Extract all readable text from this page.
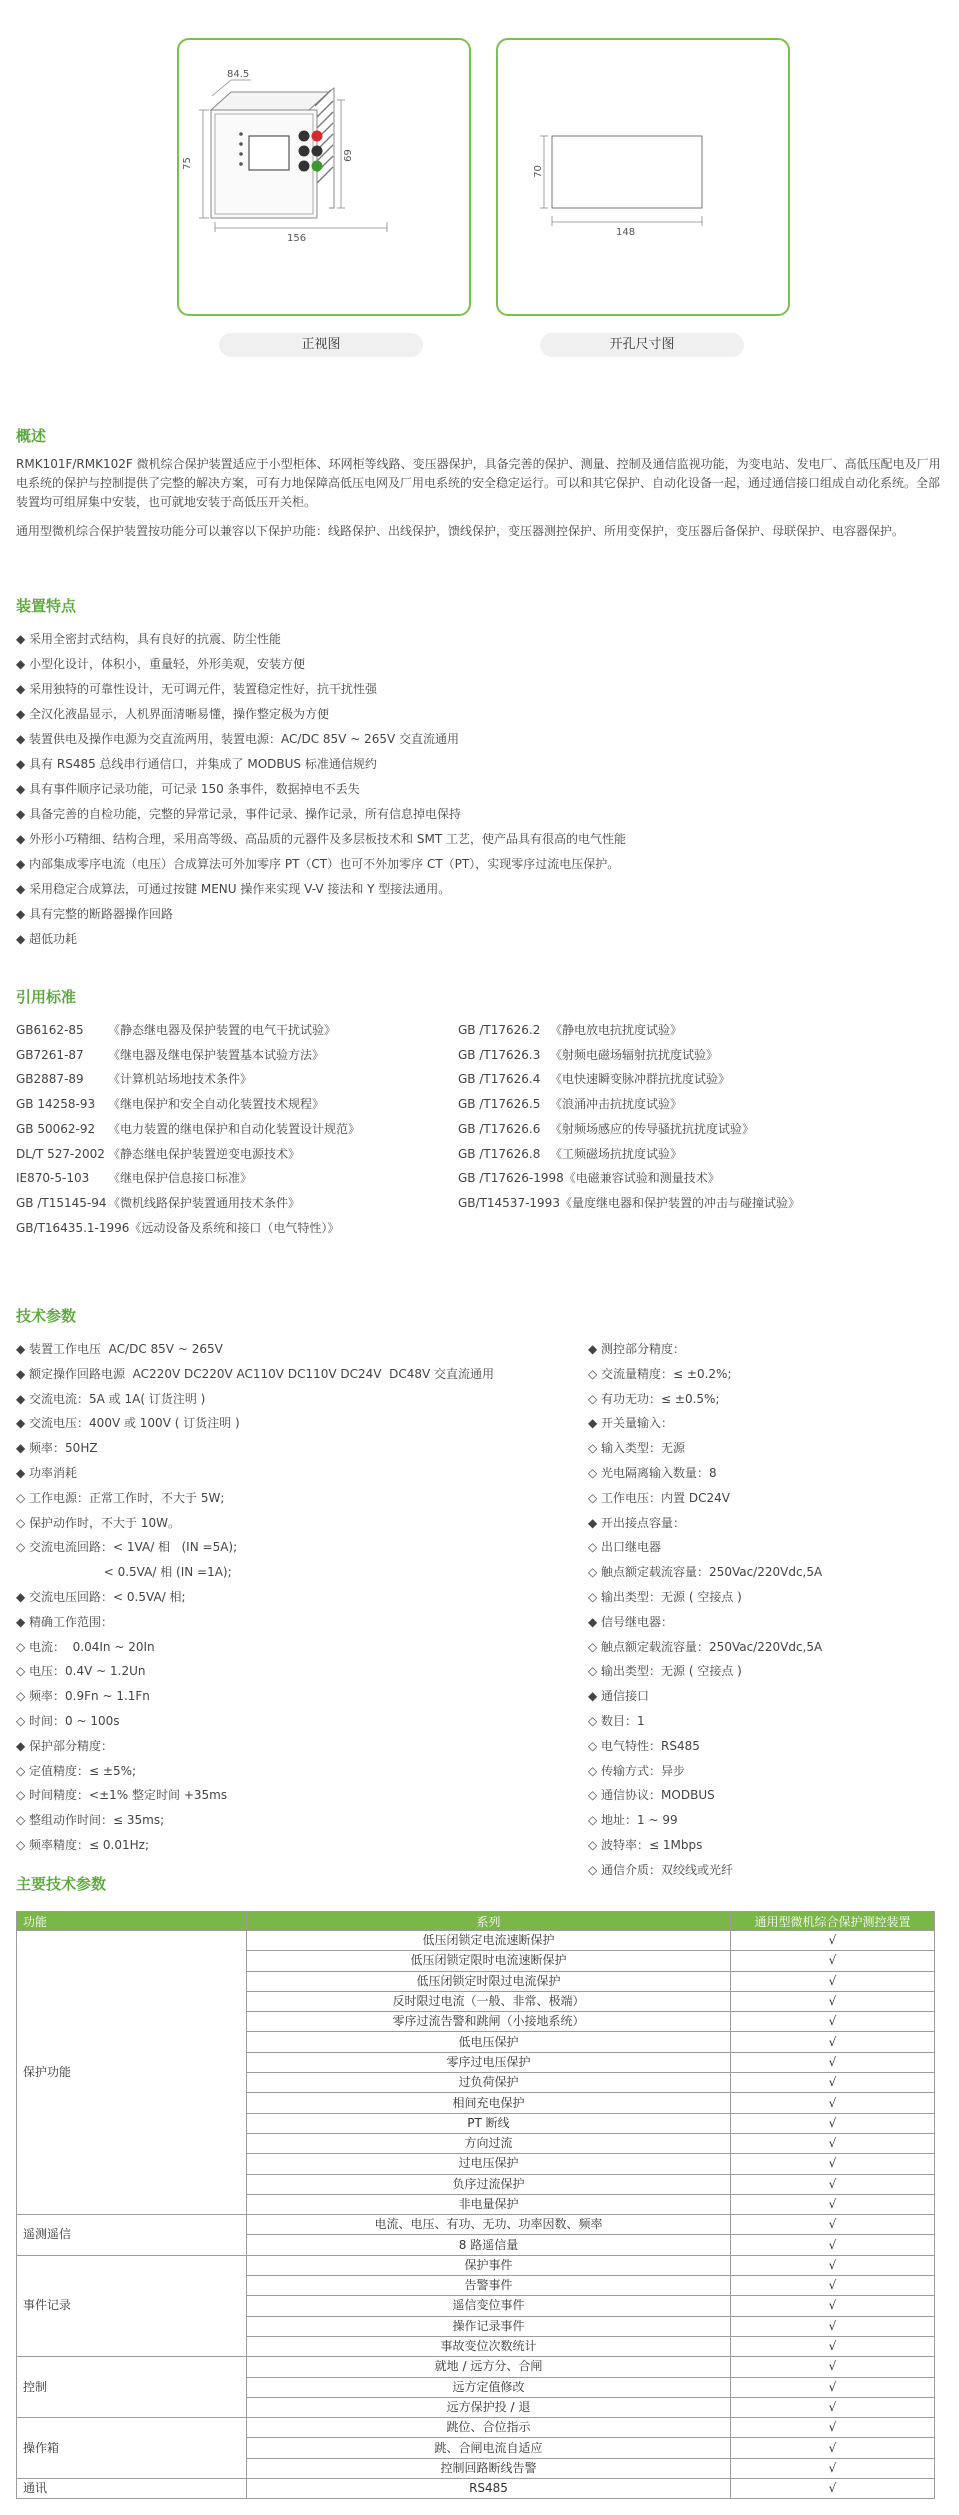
84.5
75
69
156
正视图
70
148
开孔尺寸图
概述
RMK101F/RMK102F 微机综合保护装置适应于小型柜体、环网柜等线路、变压器保护，具备完善的保护、测量、控制及通信监视功能，为变电站、发电厂、高低压配电及厂用电系统的保护与控制提供了完整的解决方案，可有力地保障高低压电网及厂用电系统的安全稳定运行。可以和其它保护、自动化设备一起，通过通信接口组成自动化系统。全部装置均可组屏集中安装，也可就地安装于高低压开关柜。
通用型微机综合保护装置按功能分可以兼容以下保护功能：线路保护、出线保护，馈线保护，变压器测控保护、所用变保护，变压器后备保护、母联保护、电容器保护。
装置特点
◆ 采用全密封式结构，具有良好的抗震、防尘性能
◆ 小型化设计，体积小，重量轻，外形美观，安装方便
◆ 采用独特的可靠性设计，无可调元件，装置稳定性好，抗干扰性强
◆ 全汉化液晶显示，人机界面清晰易懂，操作整定极为方便
◆ 装置供电及操作电源为交直流两用，装置电源：AC/DC 85V ~ 265V 交直流通用
◆ 具有 RS485 总线串行通信口，并集成了 MODBUS 标准通信规约
◆ 具有事件顺序记录功能，可记录 150 条事件，数据掉电不丢失
◆ 具备完善的自检功能，完整的异常记录，事件记录、操作记录，所有信息掉电保持
◆ 外形小巧精细、结构合理，采用高等级、高品质的元器件及多层板技术和 SMT 工艺，使产品具有很高的电气性能
◆ 内部集成零序电流（电压）合成算法可外加零序 PT（CT）也可不外加零序 CT（PT），实现零序过流电压保护。
◆ 采用稳定合成算法，可通过按键 MENU 操作来实现 V-V 接法和 Y 型接法通用。
◆ 具有完整的断路器操作回路
◆ 超低功耗
引用标准
GB6162-85 《静态继电器及保护装置的电气干扰试验》
GB7261-87 《继电器及继电保护装置基本试验方法》
GB2887-89 《计算机站场地技术条件》
GB 14258-93 《继电保护和安全自动化装置技术规程》
GB 50062-92 《电力装置的继电保护和自动化装置设计规范》
DL/T 527-2002 《静态继电保护装置逆变电源技术》
IE870-5-103 《继电保护信息接口标准》
GB /T15145-94 《微机线路保护装置通用技术条件》
GB/T16435.1-1996《远动设备及系统和接口（电气特性）》
GB /T17626.2 《静电放电抗扰度试验》
GB /T17626.3 《射频电磁场辐射抗扰度试验》
GB /T17626.4 《电快速瞬变脉冲群抗扰度试验》
GB /T17626.5 《浪涌冲击抗扰度试验》
GB /T17626.6 《射频场感应的传导骚扰抗扰度试验》
GB /T17626.8 《工频磁场抗扰度试验》
GB /T17626-1998《电磁兼容试验和测量技术》
GB/T14537-1993《量度继电器和保护装置的冲击与碰撞试验》
技术参数
◆ 装置工作电压  AC/DC 85V ~ 265V
◆ 额定操作回路电源  AC220V DC220V AC110V DC110V DC24V  DC48V 交直流通用
◆ 交流电流：5A 或 1A( 订货注明 )
◆ 交流电压：400V 或 100V ( 订货注明 )
◆ 频率：50HZ
◆ 功率消耗
◇ 工作电源：正常工作时，不大于 5W;
◇ 保护动作时，不大于 10W。
◇ 交流电流回路：< 1VA/ 相   (IN =5A);
< 0.5VA/ 相 (IN =1A);
◆ 交流电压回路：< 0.5VA/ 相;
◆ 精确工作范围：
◇ 电流：  0.04In ~ 20In
◇ 电压：0.4V ~ 1.2Un
◇ 频率：0.9Fn ~ 1.1Fn
◇ 时间：0 ~ 100s
◆ 保护部分精度：
◇ 定值精度：≤ ±5%;
◇ 时间精度：<±1% 整定时间 +35ms
◇ 整组动作时间：≤ 35ms;
◇ 频率精度：≤ 0.01Hz;
◆ 测控部分精度：
◇ 交流量精度：≤ ±0.2%;
◇ 有功无功：≤ ±0.5%;
◆ 开关量输入：
◇ 输入类型：无源
◇ 光电隔离输入数量：8
◇ 工作电压：内置 DC24V
◆ 开出接点容量：
◇ 出口继电器
◇ 触点额定载流容量：250Vac/220Vdc,5A
◇ 输出类型：无源 ( 空接点 )
◆ 信号继电器：
◇ 触点额定载流容量：250Vac/220Vdc,5A
◇ 输出类型：无源 ( 空接点 )
◆ 通信接口
◇ 数目：1
◇ 电气特性：RS485
◇ 传输方式：异步
◇ 通信协议：MODBUS
◇ 地址：1 ~ 99
◇ 波特率：≤ 1Mbps
◇ 通信介质：双绞线或光纤
主要技术参数
功能	系列	通用型微机综合保护测控装置
保护功能	低压闭锁定电流速断保护	√
	低压闭锁定限时电流速断保护	√
	低压闭锁定时限过电流保护	√
	反时限过电流（一般、非常、极端）	√
	零序过流告警和跳闸（小接地系统）	√
	低电压保护	√
	零序过电压保护	√
	过负荷保护	√
	相间充电保护	√
	PT 断线	√
	方向过流	√
	过电压保护	√
	负序过流保护	√
	非电量保护	√
遥测遥信	电流、电压、有功、无功、功率因数、频率	√
	8 路遥信量	√
事件记录	保护事件	√
	告警事件	√
	遥信变位事件	√
	操作记录事件	√
	事故变位次数统计	√
控制	就地 / 远方分、合闸	√
	远方定值修改	√
	远方保护投 / 退	√
操作箱	跳位、合位指示	√
	跳、合闸电流自适应	√
	控制回路断线告警	√
通讯	RS485	√
